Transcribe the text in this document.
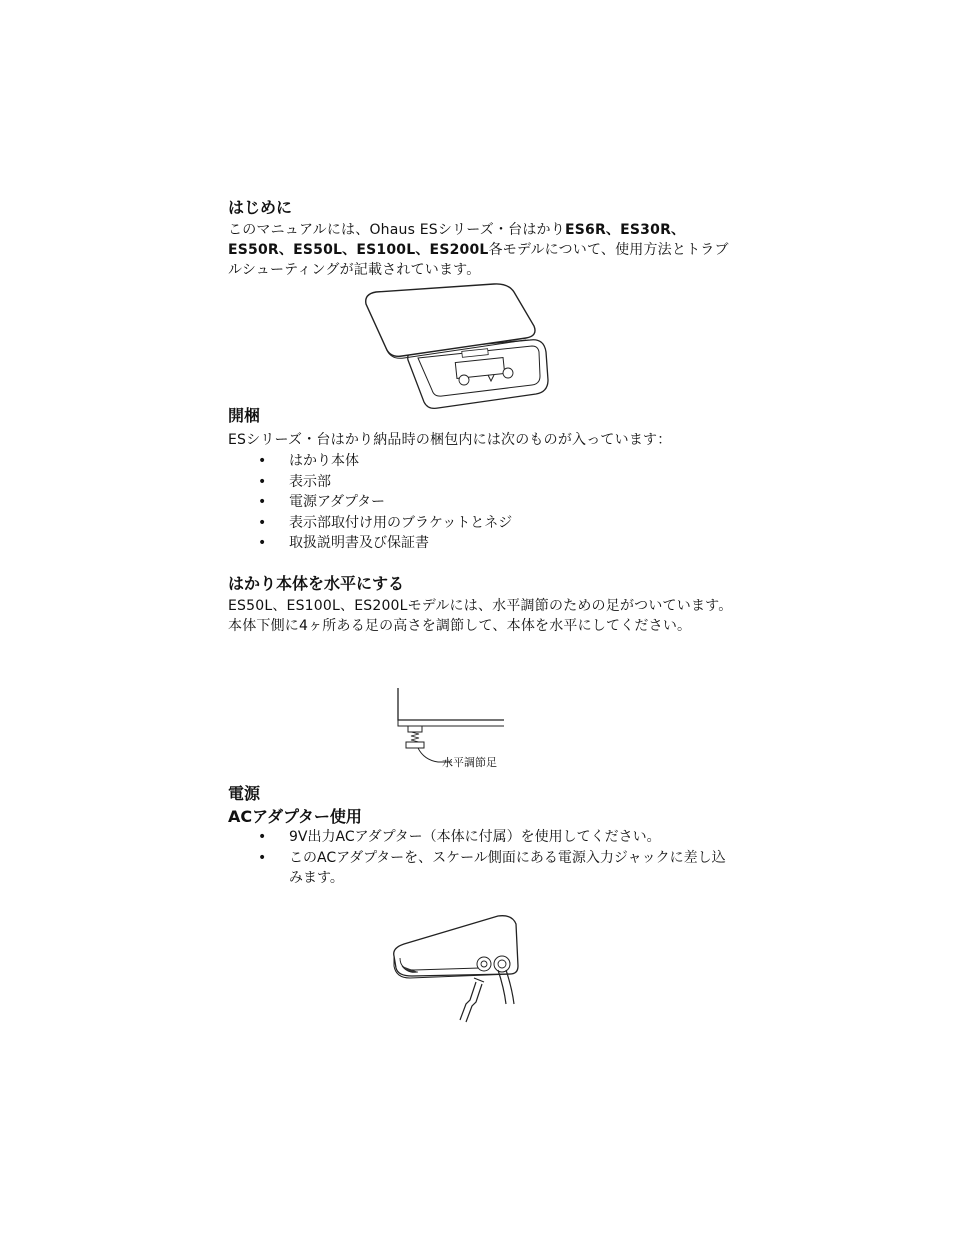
はじめに

このマニュアルには、Ohaus ESシリーズ・台はかりES6R、ES30R、ES50R、ES50L、ES100L、ES200L各モデルについて、使用方法とトラブルシューティングが記載されています。

開梱

ESシリーズ・台はかり納品時の梱包内には次のものが入っています：

• はかり本体
• 表示部
• 電源アダプター
• 表示部取付け用のブラケットとネジ
• 取扱説明書及び保証書
はかり本体を水平にする

ES50L、ES100L、ES200Lモデルには、水平調節のための足がついています。本体下側に4ヶ所ある足の高さを調節して、本体を水平にしてください。

水平調節足
電源
ACアダプター使用
• 9V出力ACアダプター（本体に付属）を使用してください。
• このACアダプターを、スケール側面にある電源入力ジャックに差し込みます。
